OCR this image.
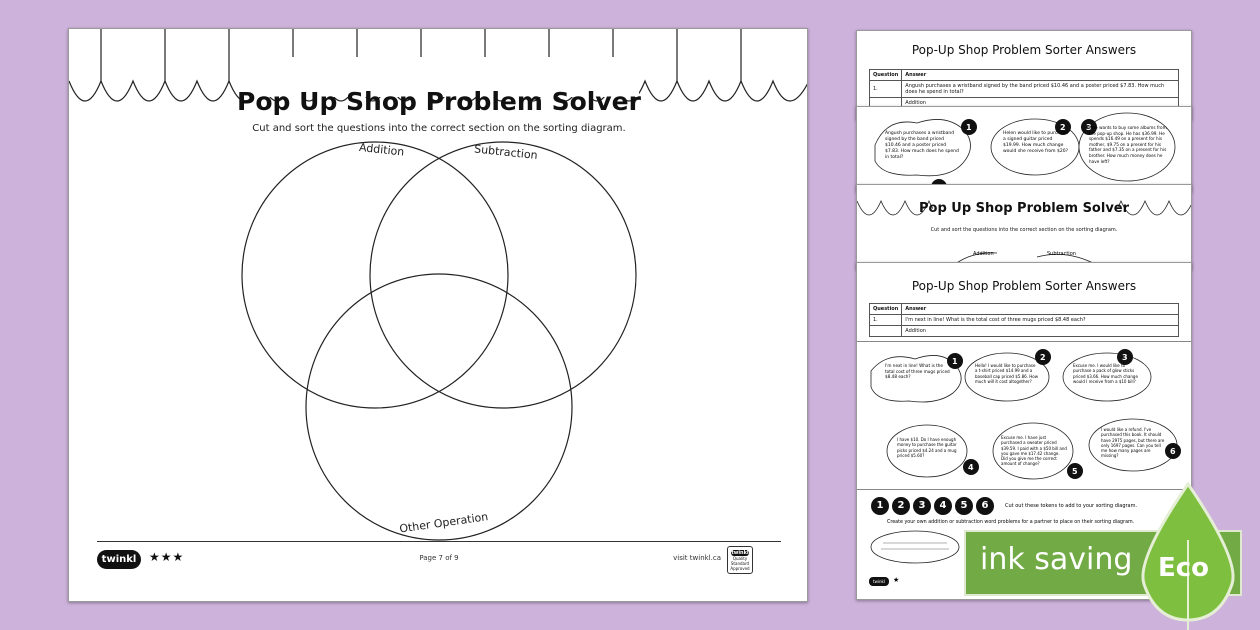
Pop Up Shop Problem Solver
Cut and sort the questions into the correct section on the sorting diagram.
Addition	Subtraction
Other Operation
twinkl	★★★	Page 7 of 9	visit twinkl.ca
twinkl
Quality Standard Approved
Pop-Up Shop Problem Sorter Answers
Question	Answer
1.	Angush purchases a wristband signed by the band priced $10.46 and a poster priced $7.83. How much does he spend in total?
	Addition
1	2	3
Angush purchases a wristband signed by the band priced $10.46 and a poster priced $7.83. How much does he spend in total?
Helen would like to purchase a signed guitar priced $19.99. How much change would she receive from $20?
Moe wants to buy some albums from the pop-up shop. He has $36.99. He spends $16.49 on a present for his mother, $9.75 on a present for his father and $7.35 on a present for his brother. How much money does he have left?
Pop Up Shop Problem Solver
Cut and sort the questions into the correct section on the sorting diagram.
Addition	Subtraction
Pop-Up Shop Problem Sorter Answers
Question	Answer
1.	I'm next in line! What is the total cost of three mugs priced $8.48 each?
	Addition
1	2	3
4	5
6
I'm next in line! What is the total cost of three mugs priced $8.48 each?
Hello! I would like to purchase a t-shirt priced $14.99 and a baseball cap priced $5.86. How much will it cost altogether?
Excuse me. I would like to purchase a pack of glow sticks priced $3.66. How much change would I receive from a $10 bill?
I have $10. Do I have enough money to purchase the guitar picks priced $4.24 and a mug priced $5.60?
Excuse me. I have just purchased a sweater priced $39.59. I paid with a $50 bill and you gave me $17.42 change. Did you give me the correct amount of change?
I would like a refund. I've purchased this book. It should have 2975 pages, but there are only 1697 pages. Can you tell me how many pages are missing?
1	2	3	4	5	6	Cut out these tokens to add to your sorting diagram.
Create your own addition or subtraction word problems for a partner to place on their sorting diagram.
twinkl	★
ink saving Eco
